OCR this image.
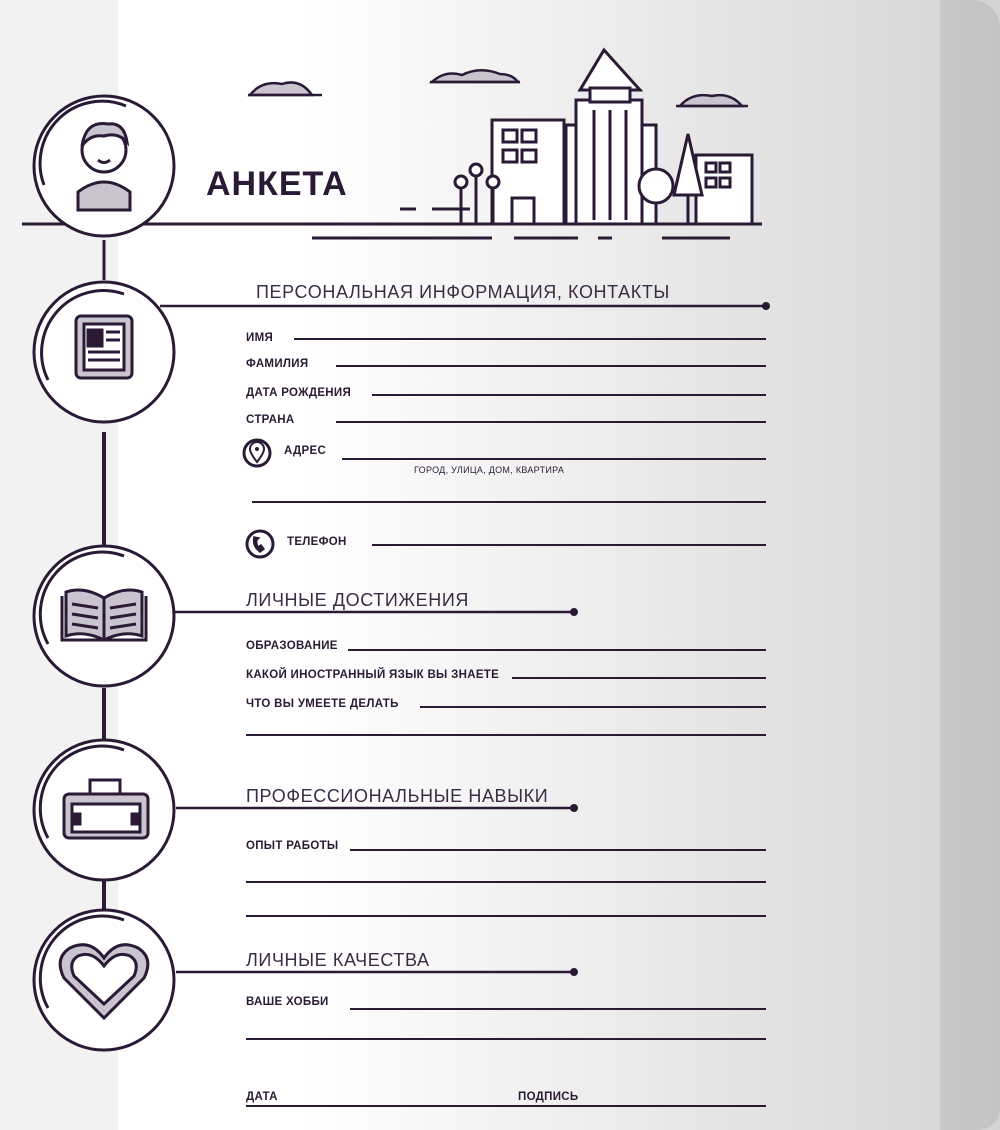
АНКЕТА
ПЕРСОНАЛЬНАЯ ИНФОРМАЦИЯ, КОНТАКТЫ
ИМЯ
ФАМИЛИЯ
ДАТА РОЖДЕНИЯ
СТРАНА
АДРЕС
ГОРОД, УЛИЦА, ДОМ, КВАРТИРА
ТЕЛЕФОН
ЛИЧНЫЕ ДОСТИЖЕНИЯ
ОБРАЗОВАНИЕ
КАКОЙ ИНОСТРАННЫЙ ЯЗЫК ВЫ ЗНАЕТЕ
ЧТО ВЫ УМЕЕТЕ ДЕЛАТЬ
ПРОФЕССИОНАЛЬНЫЕ НАВЫКИ
ОПЫТ РАБОТЫ
ЛИЧНЫЕ КАЧЕСТВА
ВАШЕ ХОББИ
ДАТА	ПОДПИСЬ
